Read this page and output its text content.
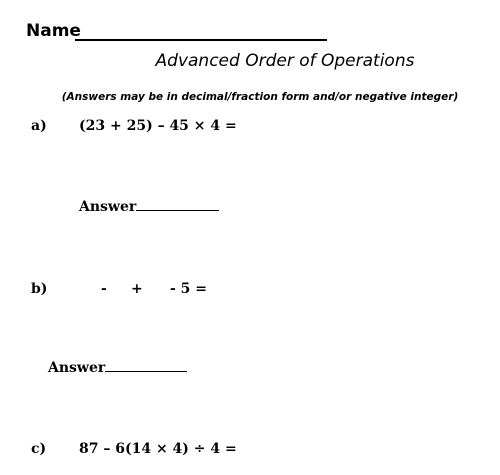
Name
Advanced Order of Operations
(Answers may be in decimal/fraction form and/or negative integer)
a) (23 + 25) – 45 × 4 =
Answer
b)	- + - 5 =
Answer
c) 87 – 6(14 × 4) ÷ 4 =
